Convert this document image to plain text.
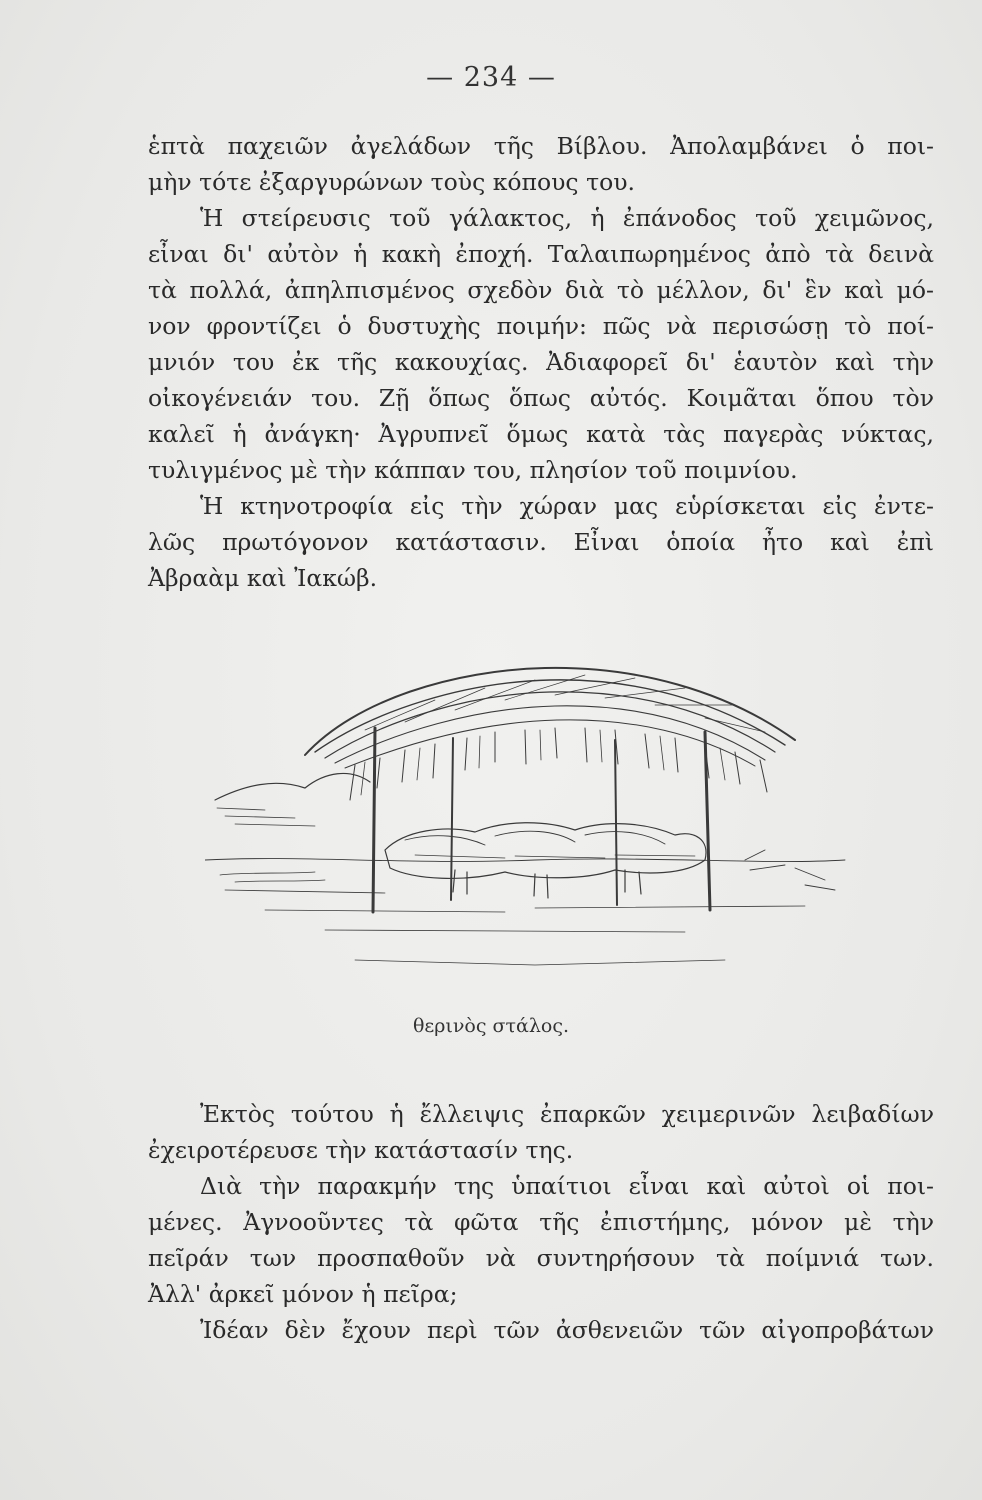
— 234 —
ἑπτὰ παχειῶν ἀγελάδων τῆς Βίβλου. Ἀπολαμβάνει ὁ ποι-
μὴν τότε ἐξαργυρώνων τοὺς κόπους του.
Ἡ στείρευσις τοῦ γάλακτος, ἡ ἐπάνοδος τοῦ χειμῶνος,
εἶναι δι' αὐτὸν ἡ κακὴ ἐποχή. Ταλαιπωρημένος ἀπὸ τὰ δεινὰ
τὰ πολλά, ἀπηλπισμένος σχεδὸν διὰ τὸ μέλλον, δι' ἓν καὶ μό-
νον φροντίζει ὁ δυστυχὴς ποιμήν: πῶς νὰ περισώσῃ τὸ ποί-
μνιόν του ἐκ τῆς κακουχίας. Ἀδιαφορεῖ δι' ἑαυτὸν καὶ τὴν
οἰκογένειάν του. Ζῇ ὅπως ὅπως αὐτός. Κοιμᾶται ὅπου τὸν
καλεῖ ἡ ἀνάγκη· Ἀγρυπνεῖ ὅμως κατὰ τὰς παγερὰς νύκτας,
τυλιγμένος μὲ τὴν κάππαν του, πλησίον τοῦ ποιμνίου.
Ἡ κτηνοτροφία εἰς τὴν χώραν μας εὑρίσκεται εἰς ἐντε-
λῶς πρωτόγονον κατάστασιν. Εἶναι ὁποία ἦτο καὶ ἐπὶ
Ἀβραὰμ καὶ Ἰακώβ.
θερινὸς στάλος.
Ἐκτὸς τούτου ἡ ἔλλειψις ἐπαρκῶν χειμερινῶν λειβαδίων
ἐχειροτέρευσε τὴν κατάστασίν της.
Διὰ τὴν παρακμήν της ὑπαίτιοι εἶναι καὶ αὐτοὶ οἱ ποι-
μένες. Ἀγνοοῦντες τὰ φῶτα τῆς ἐπιστήμης, μόνον μὲ τὴν
πεῖράν των προσπαθοῦν νὰ συντηρήσουν τὰ ποίμνιά των.
Ἀλλ' ἀρκεῖ μόνον ἡ πεῖρα;
Ἰδέαν δὲν ἔχουν περὶ τῶν ἀσθενειῶν τῶν αἰγοπροβάτων
